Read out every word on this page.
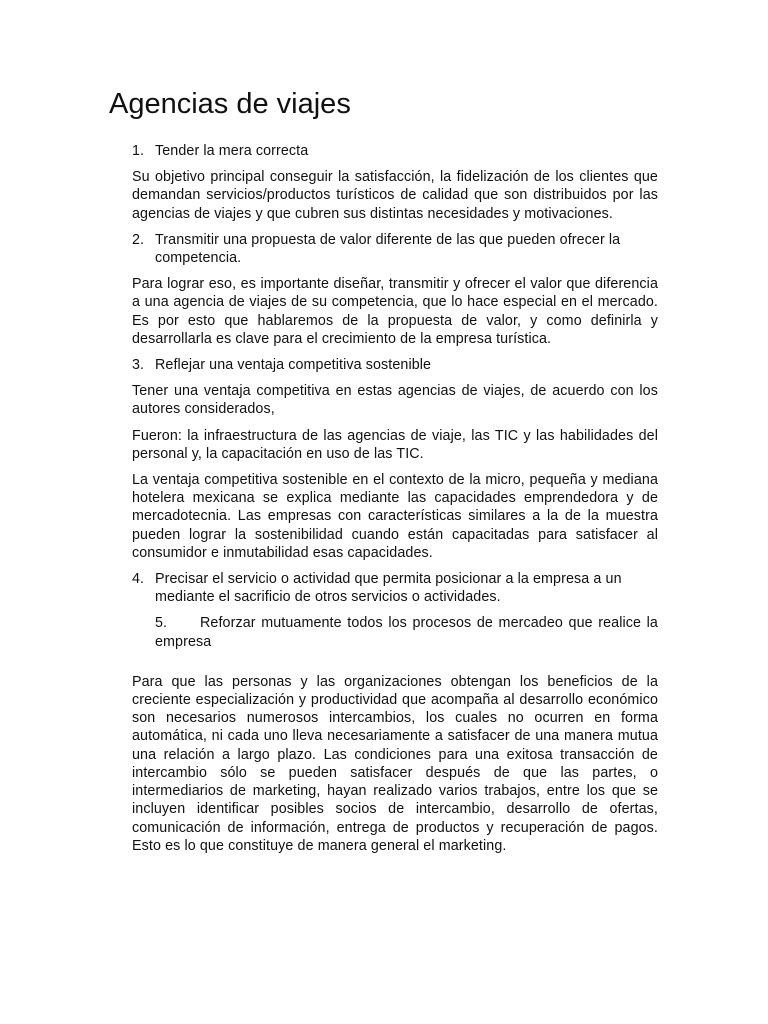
Agencias de viajes
1. Tender la mera correcta

Su objetivo principal conseguir la satisfacción, la fidelización de los clientes que demandan servicios/productos turísticos de calidad que son distribuidos por las agencias de viajes y que cubren sus distintas necesidades y motivaciones.

2. Transmitir una propuesta de valor diferente de las que pueden ofrecer la competencia.

Para lograr eso, es importante diseñar, transmitir y ofrecer el valor que diferencia a una agencia de viajes de su competencia, que lo hace especial en el mercado. Es por esto que hablaremos de la propuesta de valor, y como definirla y desarrollarla es clave para el crecimiento de la empresa turística.

3. Reflejar una ventaja competitiva sostenible

Tener una ventaja competitiva en estas agencias de viajes, de acuerdo con los autores considerados,

Fueron: la infraestructura de las agencias de viaje, las TIC y las habilidades del personal y, la capacitación en uso de las TIC.

La ventaja competitiva sostenible en el contexto de la micro, pequeña y mediana hotelera mexicana se explica mediante las capacidades emprendedora y de mercadotecnia. Las empresas con características similares a la de la muestra pueden lograr la sostenibilidad cuando están capacitadas para satisfacer al consumidor e inmutabilidad esas capacidades.

4. Precisar el servicio o actividad que permita posicionar a la empresa a un mediante el sacrificio de otros servicios o actividades.

5. Reforzar mutuamente todos los procesos de mercadeo que realice la empresa

Para que las personas y las organizaciones obtengan los beneficios de la creciente especialización y productividad que acompaña al desarrollo económico son necesarios numerosos intercambios, los cuales no ocurren en forma automática, ni cada uno lleva necesariamente a satisfacer de una manera mutua una relación a largo plazo. Las condiciones para una exitosa transacción de intercambio sólo se pueden satisfacer después de que las partes, o intermediarios de marketing, hayan realizado varios trabajos, entre los que se incluyen identificar posibles socios de intercambio, desarrollo de ofertas, comunicación de información, entrega de productos y recuperación de pagos. Esto es lo que constituye de manera general el marketing.
